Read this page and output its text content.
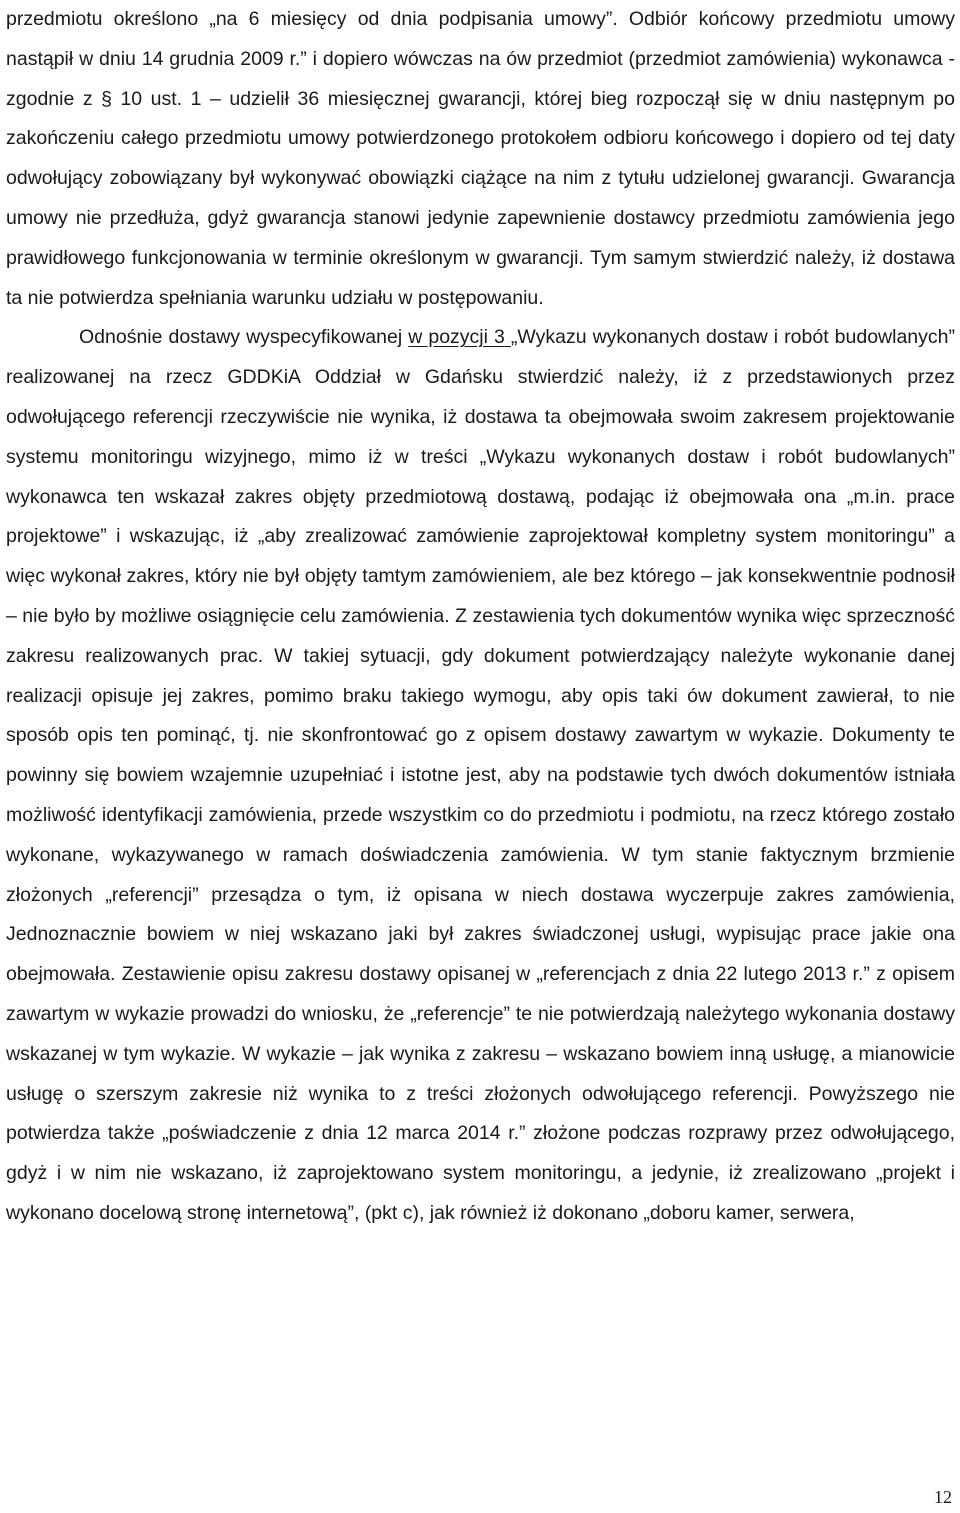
przedmiotu określono „na 6 miesięcy od dnia podpisania umowy”. Odbiór końcowy przedmiotu umowy nastąpił w dniu 14 grudnia 2009 r.” i dopiero wówczas na ów przedmiot (przedmiot zamówienia) wykonawca - zgodnie z § 10 ust. 1 – udzielił 36 miesięcznej gwarancji, której bieg rozpoczął się w dniu następnym po zakończeniu całego przedmiotu umowy potwierdzonego protokołem odbioru końcowego i dopiero od tej daty odwołujący zobowiązany był wykonywać obowiązki ciążące na nim z tytułu udzielonej gwarancji. Gwarancja umowy nie przedłuża, gdyż gwarancja stanowi jedynie zapewnienie dostawcy przedmiotu zamówienia jego prawidłowego funkcjonowania w terminie określonym w gwarancji. Tym samym stwierdzić należy, iż dostawa ta nie potwierdza spełniania warunku udziału w postępowaniu.

Odnośnie dostawy wyspecyfikowanej w pozycji 3 „Wykazu wykonanych dostaw i robót budowlanych” realizowanej na rzecz GDDKiA Oddział w Gdańsku stwierdzić należy, iż z przedstawionych przez odwołującego referencji rzeczywiście nie wynika, iż dostawa ta obejmowała swoim zakresem projektowanie systemu monitoringu wizyjnego, mimo iż w treści „Wykazu wykonanych dostaw i robót budowlanych” wykonawca ten wskazał zakres objęty przedmiotową dostawą, podając iż obejmowała ona „m.in. prace projektowe” i wskazując, iż „aby zrealizować zamówienie zaprojektował kompletny system monitoringu” a więc wykonał zakres, który nie był objęty tamtym zamówieniem, ale bez którego – jak konsekwentnie podnosił – nie było by możliwe osiągnięcie celu zamówienia. Z zestawienia tych dokumentów wynika więc sprzeczność zakresu realizowanych prac. W takiej sytuacji, gdy dokument potwierdzający należyte wykonanie danej realizacji opisuje jej zakres, pomimo braku takiego wymogu, aby opis taki ów dokument zawierał, to nie sposób opis ten pominąć, tj. nie skonfrontować go z opisem dostawy zawartym w wykazie. Dokumenty te powinny się bowiem wzajemnie uzupełniać i istotne jest, aby na podstawie tych dwóch dokumentów istniała możliwość identyfikacji zamówienia, przede wszystkim co do przedmiotu i podmiotu, na rzecz którego zostało wykonane, wykazywanego w ramach doświadczenia zamówienia. W tym stanie faktycznym brzmienie złożonych „referencji” przesądza o tym, iż opisana w niech dostawa wyczerpuje zakres zamówienia, Jednoznacznie bowiem w niej wskazano jaki był zakres świadczonej usługi, wypisując prace jakie ona obejmowała. Zestawienie opisu zakresu dostawy opisanej w „referencjach z dnia 22 lutego 2013 r.” z opisem zawartym w wykazie prowadzi do wniosku, że „referencje” te nie potwierdzają należytego wykonania dostawy wskazanej w tym wykazie. W wykazie – jak wynika z zakresu – wskazano bowiem inną usługę, a mianowicie usługę o szerszym zakresie niż wynika to z treści złożonych odwołującego referencji. Powyższego nie potwierdza także „poświadczenie z dnia 12 marca 2014 r.” złożone podczas rozprawy przez odwołującego, gdyż i w nim nie wskazano, iż zaprojektowano system monitoringu, a jedynie, iż zrealizowano „projekt i wykonano docelową stronę internetową”, (pkt c), jak również iż dokonano „doboru kamer, serwera,

12
